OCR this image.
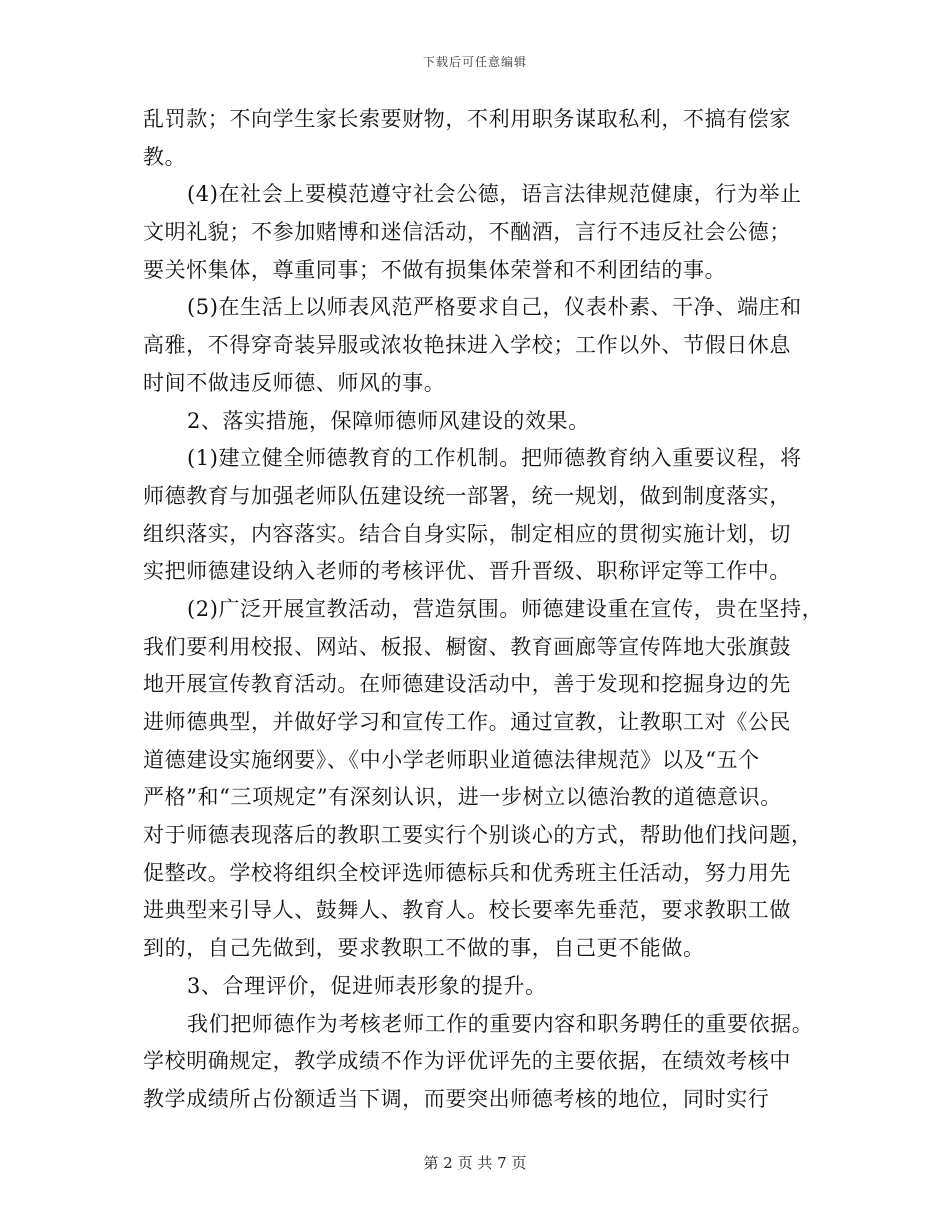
下载后可任意编辑
乱罚款；不向学生家长索要财物，不利用职务谋取私利，不搞有偿家
教。
(4)在社会上要模范遵守社会公德，语言法律规范健康，行为举止
文明礼貌；不参加赌博和迷信活动，不酗酒，言行不违反社会公德；
要关怀集体，尊重同事；不做有损集体荣誉和不利团结的事。
(5)在生活上以师表风范严格要求自己，仪表朴素、干净、端庄和
高雅，不得穿奇装异服或浓妆艳抹进入学校；工作以外、节假日休息
时间不做违反师德、师风的事。
2、落实措施，保障师德师风建设的效果。
(1)建立健全师德教育的工作机制。把师德教育纳入重要议程，将
师德教育与加强老师队伍建设统一部署，统一规划，做到制度落实，
组织落实，内容落实。结合自身实际，制定相应的贯彻实施计划，切
实把师德建设纳入老师的考核评优、晋升晋级、职称评定等工作中。
(2)广泛开展宣教活动，营造氛围。师德建设重在宣传，贵在坚持，
我们要利用校报、网站、板报、橱窗、教育画廊等宣传阵地大张旗鼓
地开展宣传教育活动。在师德建设活动中，善于发现和挖掘身边的先
进师德典型，并做好学习和宣传工作。通过宣教，让教职工对《公民
道德建设实施纲要》、《中小学老师职业道德法律规范》以及“五个
严格”和“三项规定”有深刻认识，进一步树立以德治教的道德意识。
对于师德表现落后的教职工要实行个别谈心的方式，帮助他们找问题，
促整改。学校将组织全校评选师德标兵和优秀班主任活动，努力用先
进典型来引导人、鼓舞人、教育人。校长要率先垂范，要求教职工做
到的，自己先做到，要求教职工不做的事，自己更不能做。
3、合理评价，促进师表形象的提升。
我们把师德作为考核老师工作的重要内容和职务聘任的重要依据。
学校明确规定，教学成绩不作为评优评先的主要依据，在绩效考核中
教学成绩所占份额适当下调，而要突出师德考核的地位，同时实行
第 2 页 共 7 页
